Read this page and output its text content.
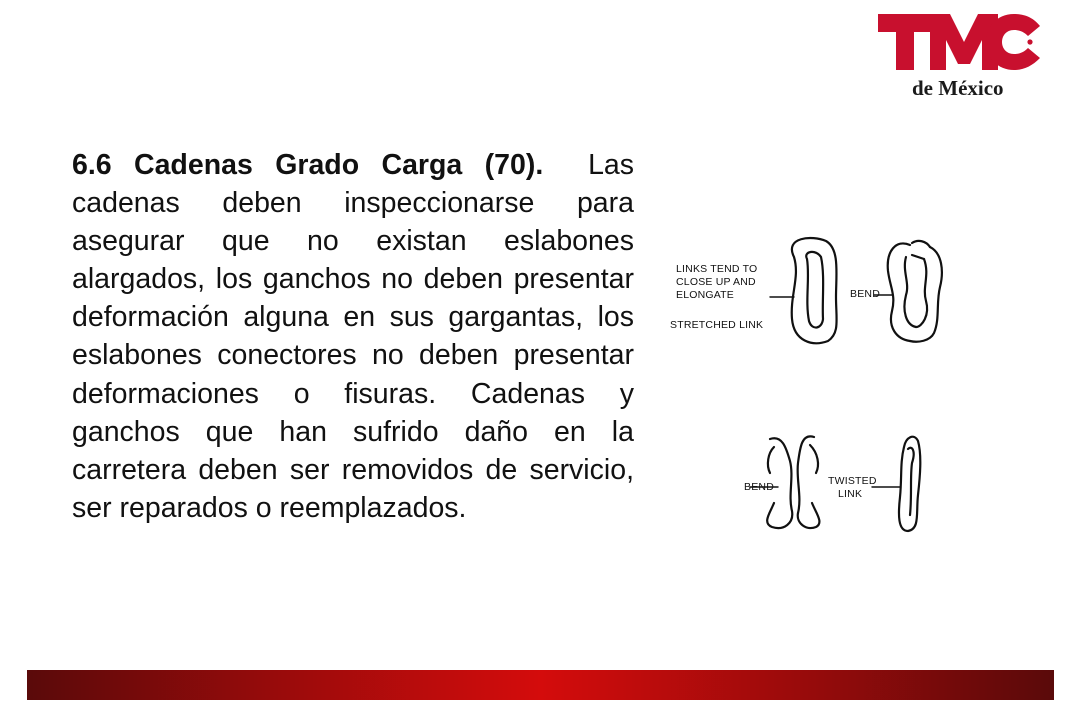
de México

6.6 Cadenas Grado Carga (70). Las cadenas deben inspeccionarse para asegurar que no existan eslabones alargados, los ganchos no deben presentar deformación alguna en sus gargantas, los eslabones conectores no deben presentar deformaciones o fisuras. Cadenas y ganchos que han sufrido daño en la carretera deben ser removidos de servicio, ser reparados o reemplazados.

LINKS TEND TO
CLOSE UP AND
ELONGATE
STRETCHED LINK
BEND
BEND	TWISTED
LINK
